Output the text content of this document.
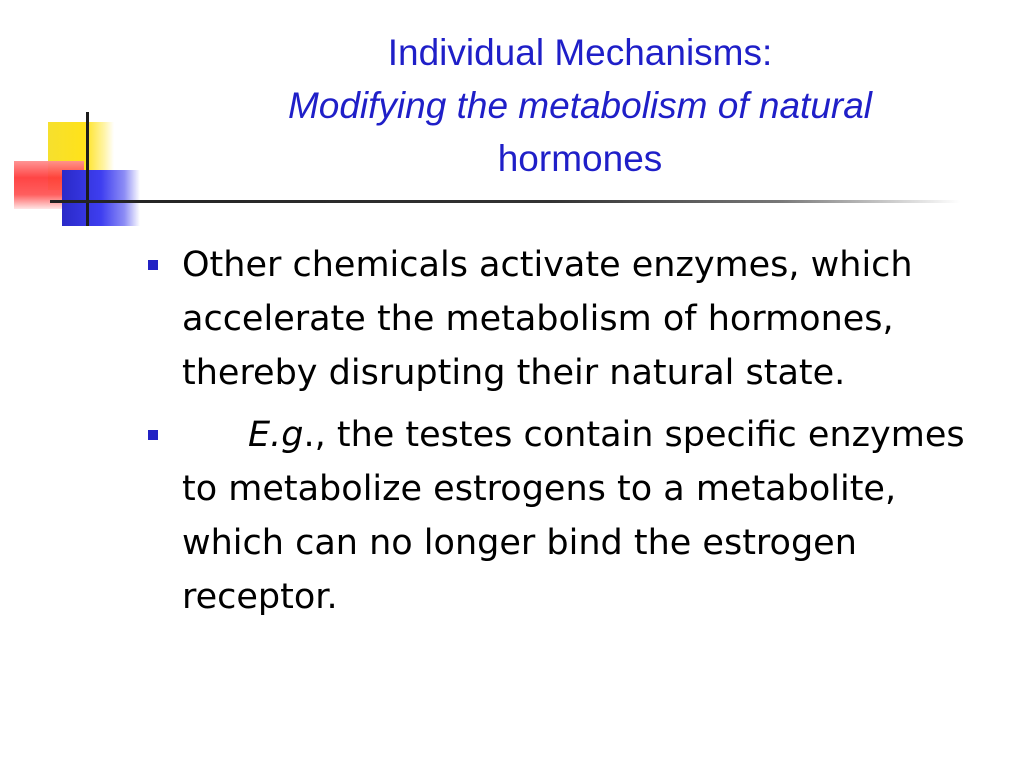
Individual Mechanisms:
Modifying the metabolism of natural
hormones
Other chemicals activate enzymes, which accelerate the metabolism of hormones, thereby disrupting their natural state.
E.g., the testes contain specific enzymes to metabolize estrogens to a metabolite, which can no longer bind the estrogen receptor.
